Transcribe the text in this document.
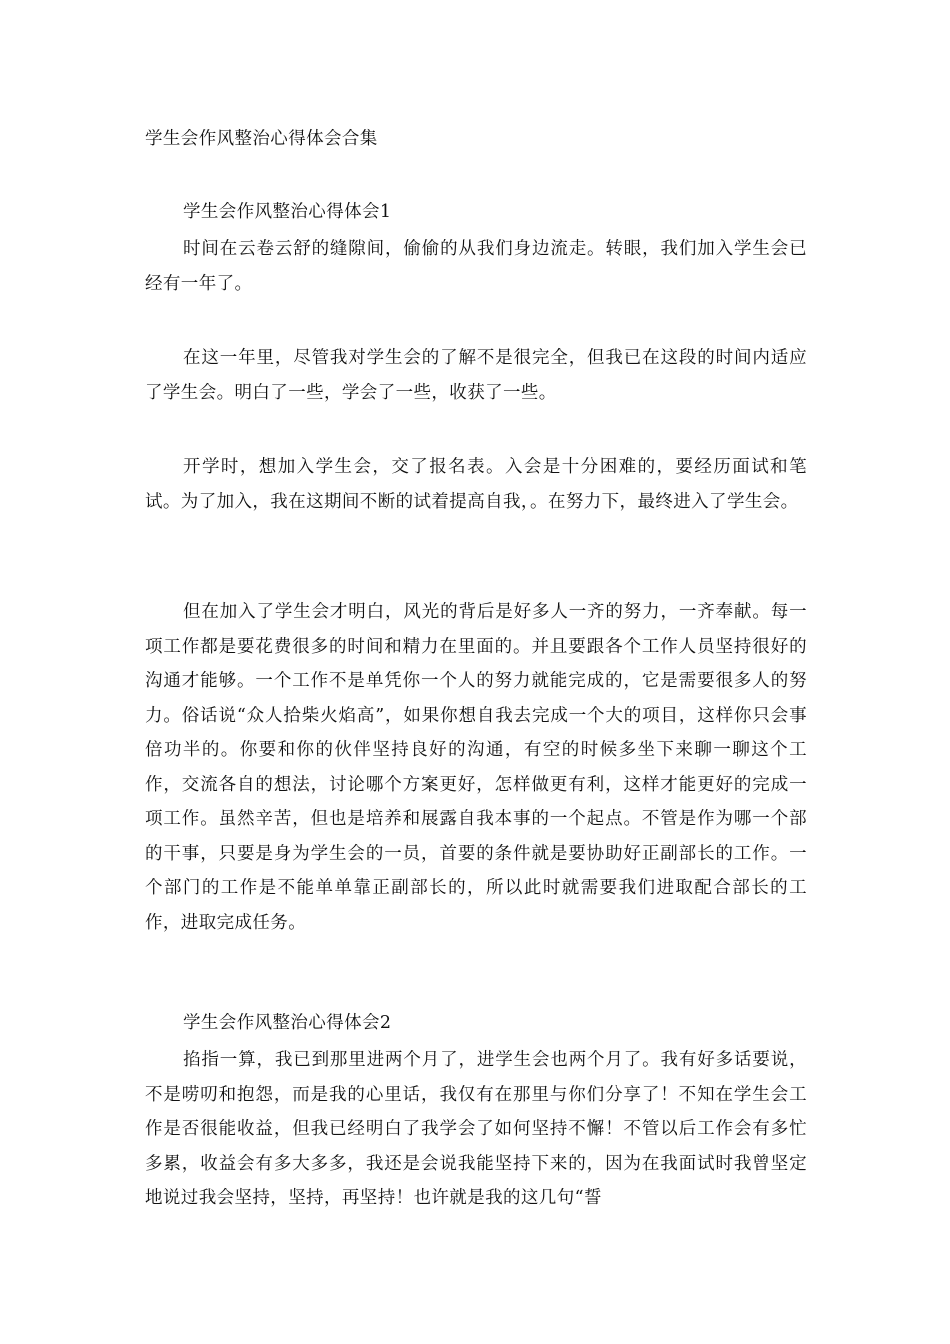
学生会作风整治心得体会合集
学生会作风整治心得体会1

时间在云卷云舒的缝隙间，偷偷的从我们身边流走。转眼，我们加入学生会已经有一年了。

在这一年里，尽管我对学生会的了解不是很完全，但我已在这段的时间内适应了学生会。明白了一些，学会了一些，收获了一些。

开学时，想加入学生会，交了报名表。入会是十分困难的，要经历面试和笔试。为了加入，我在这期间不断的试着提高自我，。在努力下，最终进入了学生会。

但在加入了学生会才明白，风光的背后是好多人一齐的努力，一齐奉献。每一项工作都是要花费很多的时间和精力在里面的。并且要跟各个工作人员坚持很好的沟通才能够。一个工作不是单凭你一个人的努力就能完成的，它是需要很多人的努力。俗话说“众人拾柴火焰高”，如果你想自我去完成一个大的项目，这样你只会事倍功半的。你要和你的伙伴坚持良好的沟通，有空的时候多坐下来聊一聊这个工作，交流各自的想法，讨论哪个方案更好，怎样做更有利，这样才能更好的完成一项工作。虽然辛苦，但也是培养和展露自我本事的一个起点。不管是作为哪一个部的干事，只要是身为学生会的一员，首要的条件就是要协助好正副部长的工作。一个部门的工作是不能单单靠正副部长的，所以此时就需要我们进取配合部长的工作，进取完成任务。

学生会作风整治心得体会2

掐指一算，我已到那里进两个月了，进学生会也两个月了。我有好多话要说，不是唠叨和抱怨，而是我的心里话，我仅有在那里与你们分享了！不知在学生会工作是否很能收益，但我已经明白了我学会了如何坚持不懈！不管以后工作会有多忙多累，收益会有多大多多，我还是会说我能坚持下来的，因为在我面试时我曾坚定地说过我会坚持，坚持，再坚持！也许就是我的这几句“誓
